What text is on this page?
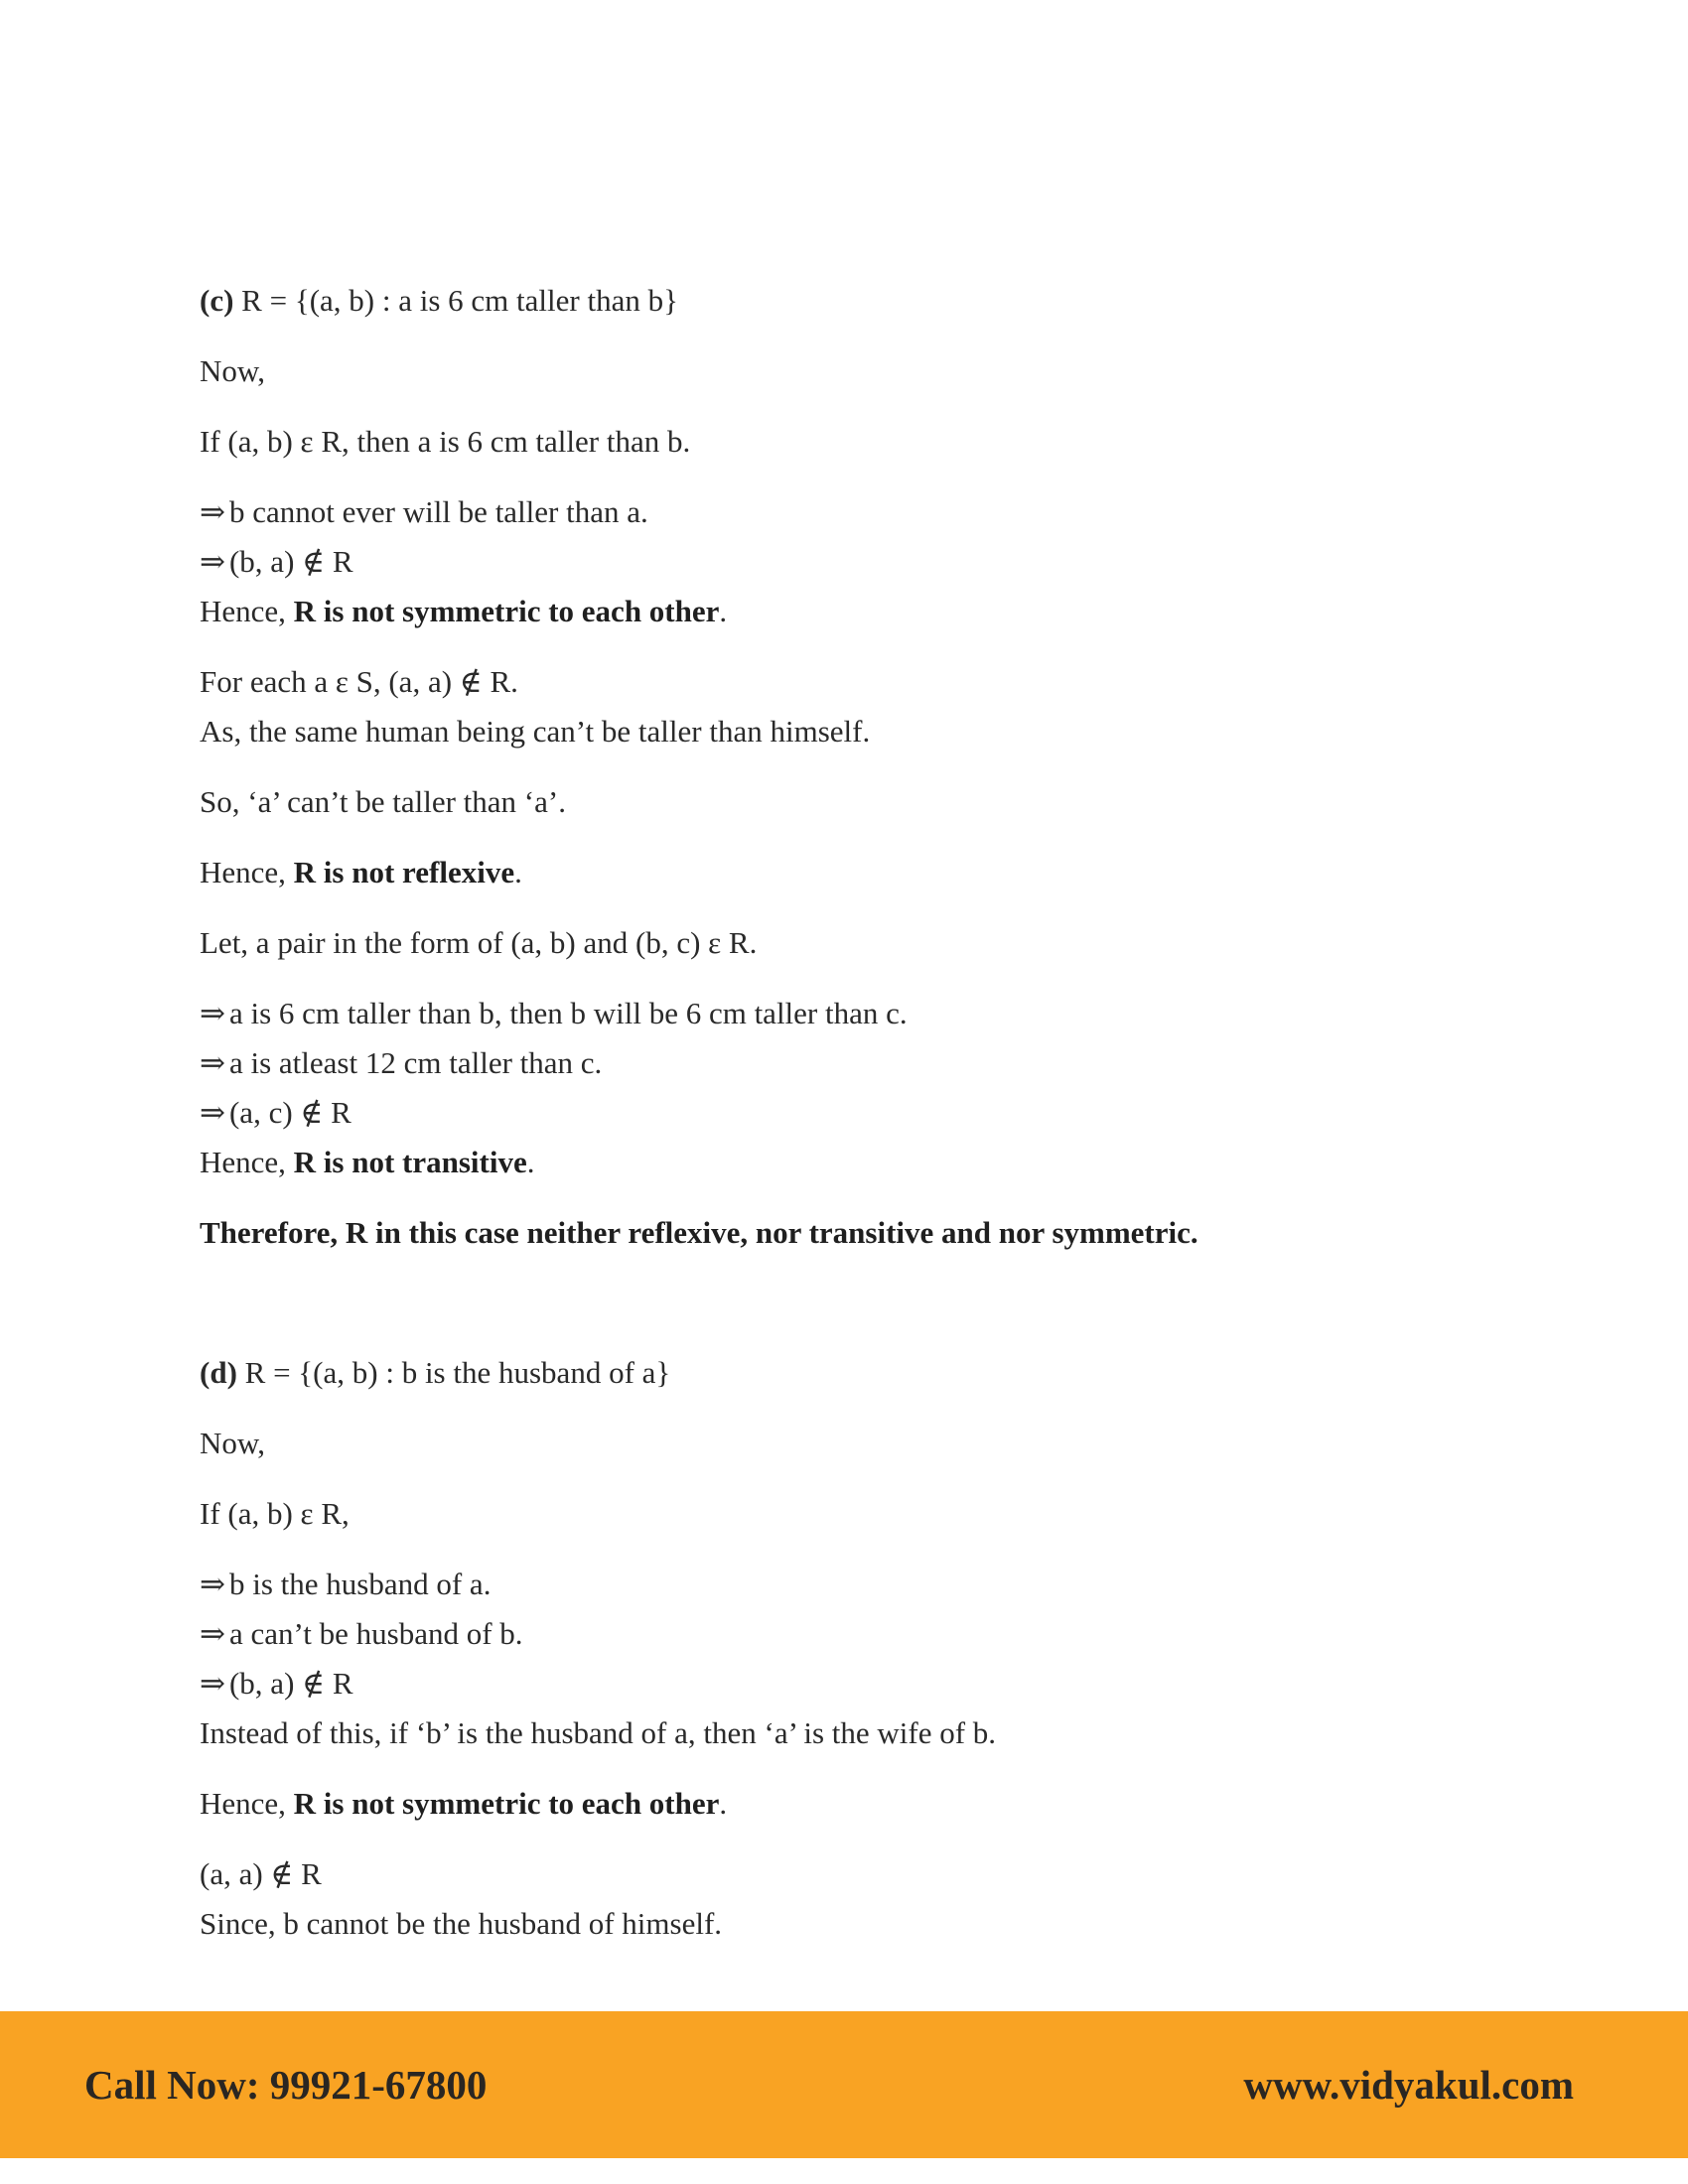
(c) R = {(a, b) : a is 6 cm taller than b}
Now,
If (a, b) ε R, then a is 6 cm taller than b.
⇒ b cannot ever will be taller than a.
⇒ (b, a) ∉ R
Hence, R is not symmetric to each other.
For each a ε S, (a, a) ∉ R.
As, the same human being can’t be taller than himself.
So, ‘a’ can’t be taller than ‘a’.
Hence, R is not reflexive.
Let, a pair in the form of (a, b) and (b, c) ε R.
⇒ a is 6 cm taller than b, then b will be 6 cm taller than c.
⇒ a is atleast 12 cm taller than c.
⇒ (a, c) ∉ R
Hence, R is not transitive.
Therefore, R in this case neither reflexive, nor transitive and nor symmetric.
(d) R = {(a, b) : b is the husband of a}
Now,
If (a, b) ε R,
⇒ b is the husband of a.
⇒ a can’t be husband of b.
⇒ (b, a) ∉ R
Instead of this, if ‘b’ is the husband of a, then ‘a’ is the wife of b.
Hence, R is not symmetric to each other.
(a, a) ∉ R
Since, b cannot be the husband of himself.
Call Now: 99921-67800	www.vidyakul.com
